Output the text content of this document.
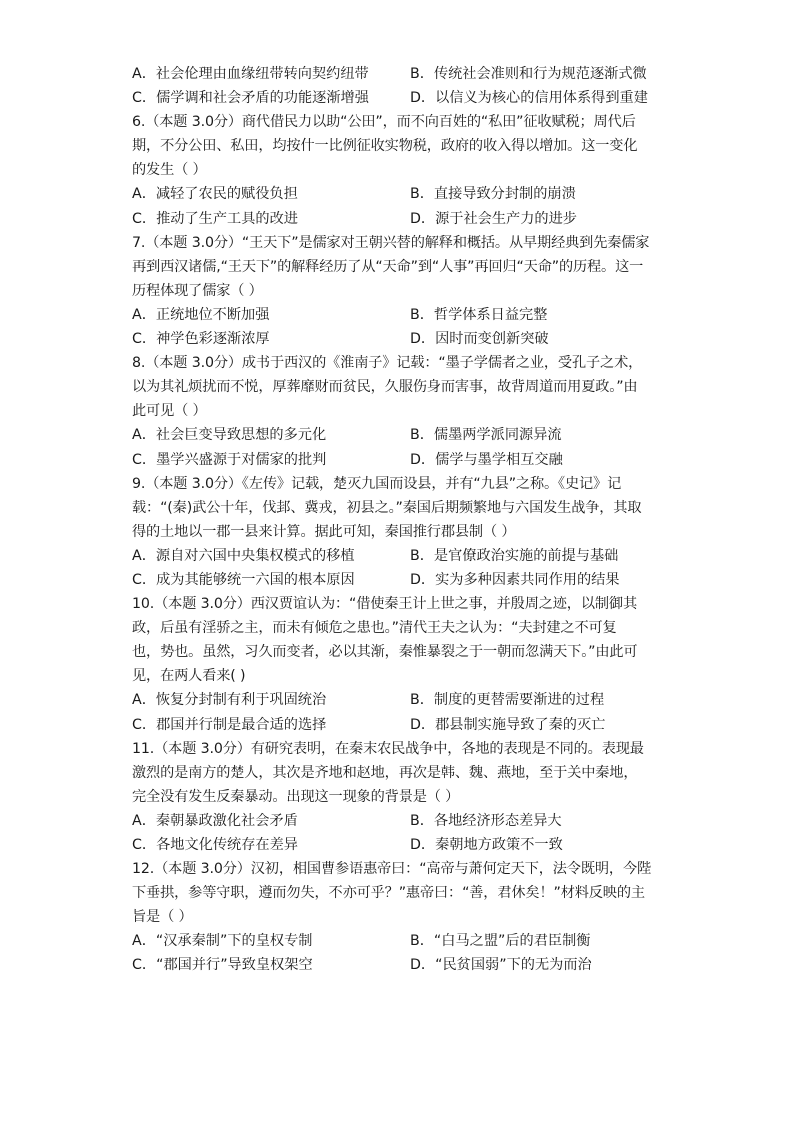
A．社会伦理由血缘纽带转向契约纽带	B．传统社会准则和行为规范逐渐式微
C．儒学调和社会矛盾的功能逐渐增强	D．以信义为核心的信用体系得到重建
6.（本题 3.0分）商代借民力以助“公田”，而不向百姓的“私田”征收赋税；周代后
期，不分公田、私田，均按什一比例征收实物税，政府的收入得以增加。这一变化
的发生（ ）
A．减轻了农民的赋役负担	B．直接导致分封制的崩溃
C．推动了生产工具的改进	D．源于社会生产力的进步
7.（本题 3.0分）“王天下”是儒家对王朝兴替的解释和概括。从早期经典到先秦儒家
再到西汉诸儒,“王天下”的解释经历了从“天命”到“人事”再回归“天命”的历程。这一
历程体现了儒家（ ）
A．正统地位不断加强	B．哲学体系日益完整
C．神学色彩逐渐浓厚	D．因时而变创新突破
8.（本题 3.0分）成书于西汉的《淮南子》记载：“墨子学儒者之业，受孔子之术，
以为其礼烦扰而不悦，厚葬靡财而贫民，久服伤身而害事，故背周道而用夏政。”由
此可见（ ）
A．社会巨变导致思想的多元化	B．儒墨两学派同源异流
C．墨学兴盛源于对儒家的批判	D．儒学与墨学相互交融
9.（本题 3.0分）《左传》记载，楚灭九国而设县，并有“九县”之称。《史记》记
载：“(秦)武公十年，伐邽、冀戎，初县之。”秦国后期频繁地与六国发生战争，其取
得的土地以一郡一县来计算。据此可知，秦国推行郡县制（ ）
A．源自对六国中央集权模式的移植	B．是官僚政治实施的前提与基础
C．成为其能够统一六国的根本原因	D．实为多种因素共同作用的结果
10.（本题 3.0分）西汉贾谊认为：“借使秦王计上世之事，并殷周之迹，以制御其
政，后虽有淫骄之主，而未有倾危之患也。”清代王夫之认为：“夫封建之不可复
也，势也。虽然，习久而变者，必以其渐，秦惟暴裂之于一朝而忽满天下。”由此可
见，在两人看来( )
A．恢复分封制有利于巩固统治	B．制度的更替需要渐进的过程
C．郡国并行制是最合适的选择	D．郡县制实施导致了秦的灭亡
11.（本题 3.0分）有研究表明，在秦末农民战争中，各地的表现是不同的。表现最
激烈的是南方的楚人，其次是齐地和赵地，再次是韩、魏、燕地，至于关中秦地，
完全没有发生反秦暴动。出现这一现象的背景是（ ）
A．秦朝暴政激化社会矛盾	B．各地经济形态差异大
C．各地文化传统存在差异	D．秦朝地方政策不一致
12.（本题 3.0分）汉初，相国曹参语惠帝曰：“高帝与萧何定天下，法令既明，今陛
下垂拱，参等守职，遵而勿失，不亦可乎？”惠帝曰：“善，君休矣！”材料反映的主
旨是（ ）
A．“汉承秦制”下的皇权专制	B．“白马之盟”后的君臣制衡
C．“郡国并行”导致皇权架空	D．“民贫国弱”下的无为而治
